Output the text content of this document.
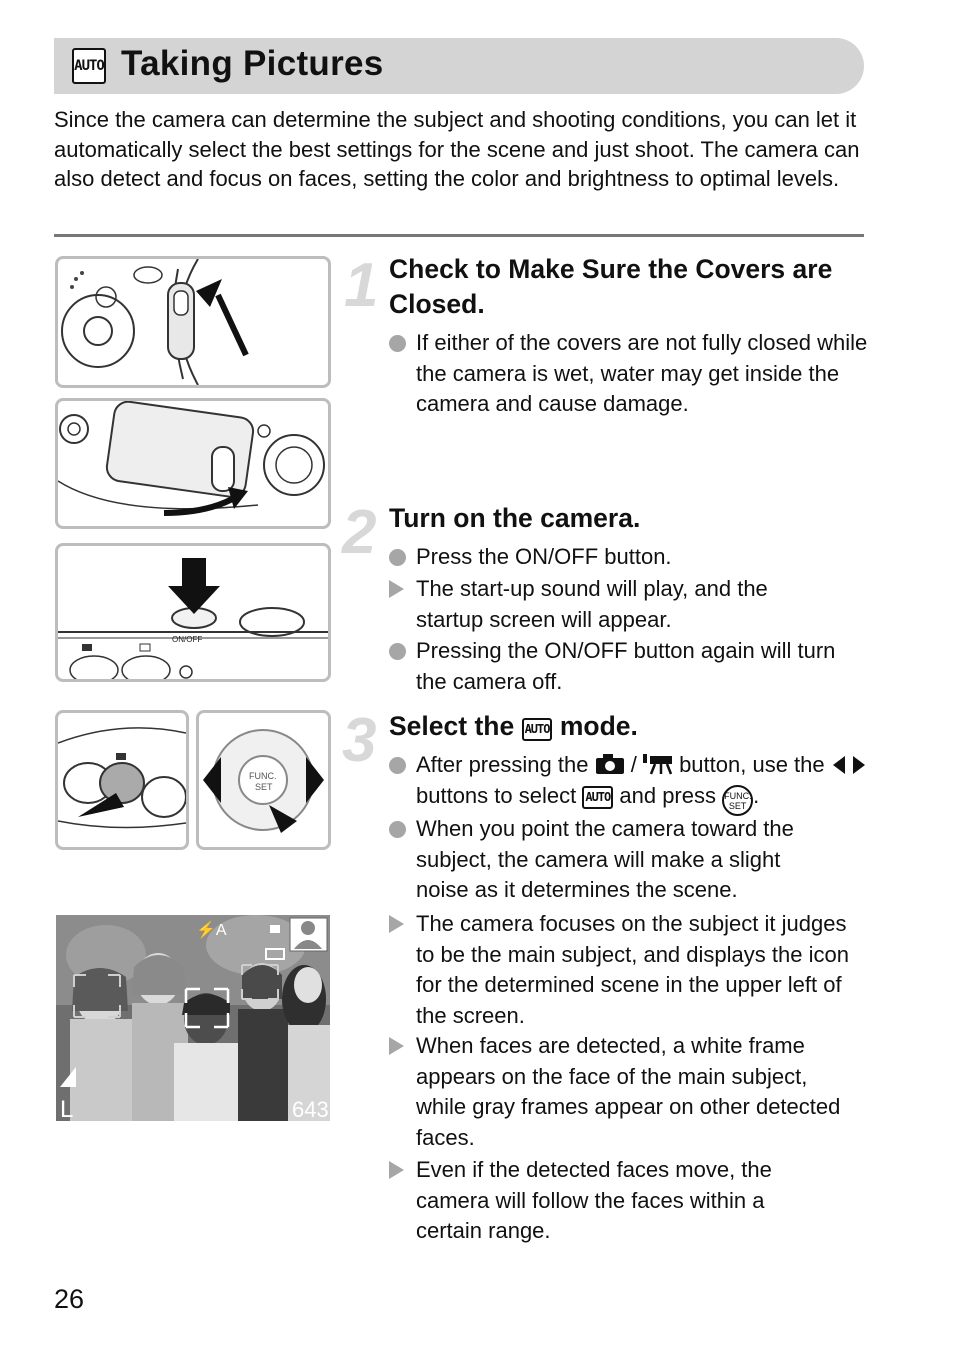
AUTO Taking Pictures

Since the camera can determine the subject and shooting conditions, you can let it automatically select the best settings for the scene and just shoot. The camera can also detect and focus on faces, setting the color and brightness to optimal levels.

ON/OFF
FUNC.
SET
⚡A
L	643
1 Check to Make Sure the Covers are Closed.
If either of the covers are not fully closed while the camera is wet, water may get inside the camera and cause damage.
2 Turn on the camera.
Press the ON/OFF button.
The start-up sound will play, and the startup screen will appear.
Pressing the ON/OFF button again will turn the camera off.
3 Select the AUTO mode.
After pressing the / button, use the  buttons to select AUTO and press FUNC.
SET .
When you point the camera toward the subject, the camera will make a slight noise as it determines the scene.
The camera focuses on the subject it judges to be the main subject, and displays the icon for the determined scene in the upper left of the screen.
When faces are detected, a white frame appears on the face of the main subject, while gray frames appear on other detected faces.
Even if the detected faces move, the camera will follow the faces within a certain range.
26
